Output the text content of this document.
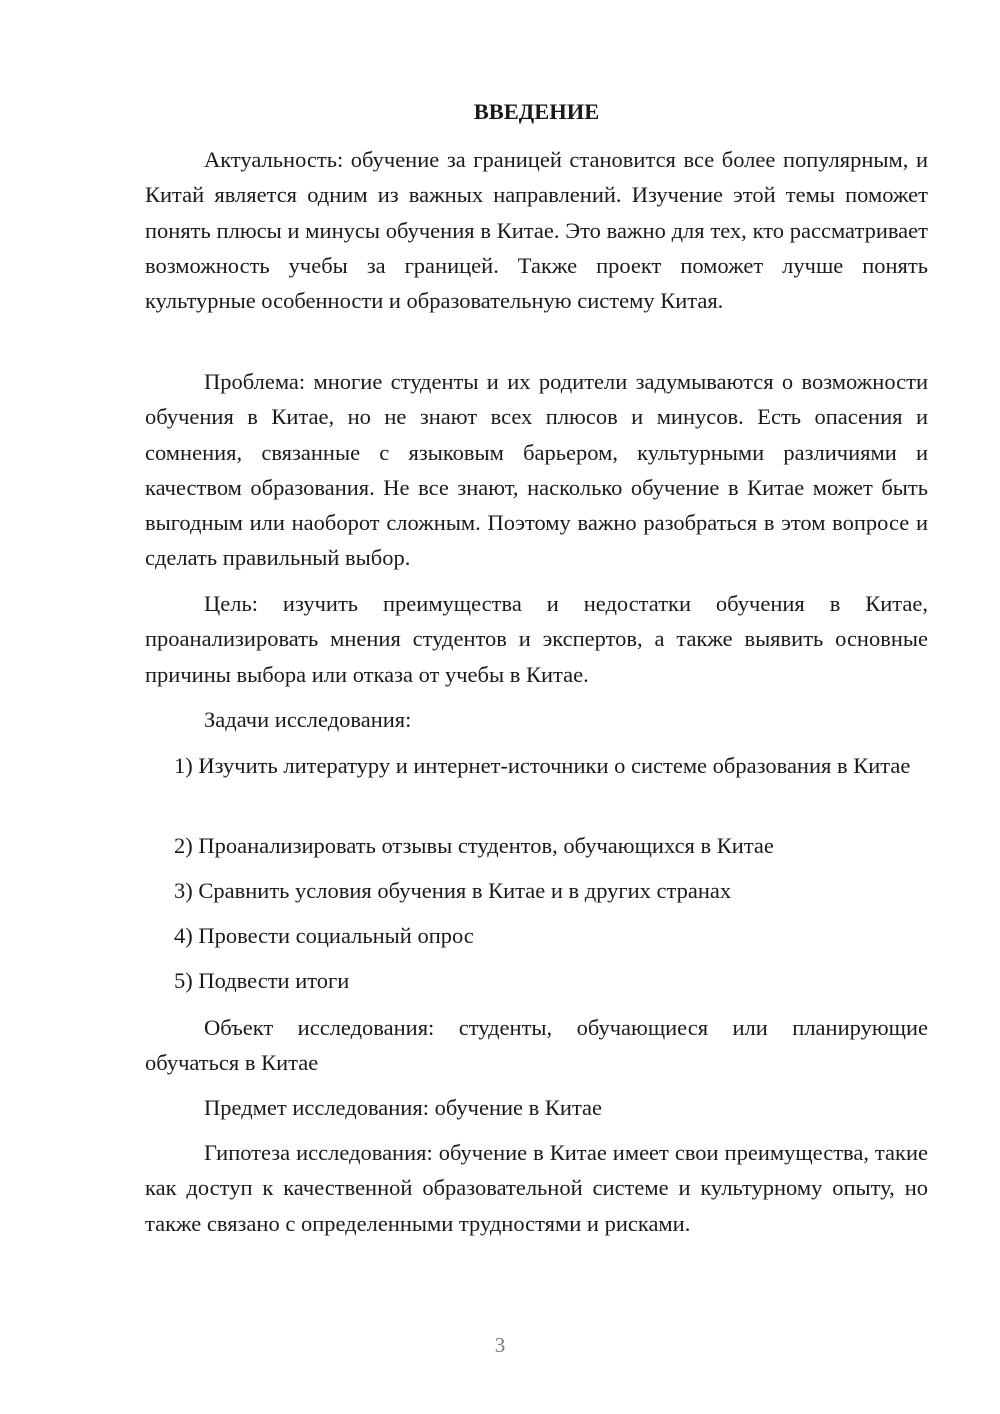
ВВЕДЕНИЕ

Актуальность: обучение за границей становится все более популярным, и Китай является одним из важных направлений. Изучение этой темы поможет понять плюсы и минусы обучения в Китае. Это важно для тех, кто рассматривает возможность учебы за границей. Также проект поможет лучше понять культурные особенности и образовательную систему Китая.

Проблема: многие студенты и их родители задумываются о возможности обучения в Китае, но не знают всех плюсов и минусов. Есть опасения и сомнения, связанные с языковым барьером, культурными различиями и качеством образования. Не все знают, насколько обучение в Китае может быть выгодным или наоборот сложным. Поэтому важно разобраться в этом вопросе и сделать правильный выбор.

Цель: изучить преимущества и недостатки обучения в Китае, проанализировать мнения студентов и экспертов, а также выявить основные причины выбора или отказа от учебы в Китае.

Задачи исследования:

1) Изучить литературу и интернет-источники о системе образования в Китае

2) Проанализировать отзывы студентов, обучающихся в Китае

3) Сравнить условия обучения в Китае и в других странах

4) Провести социальный опрос

5) Подвести итоги

Объект исследования: студенты, обучающиеся или планирующие обучаться в Китае

Предмет исследования: обучение в Китае

Гипотеза исследования: обучение в Китае имеет свои преимущества, такие как доступ к качественной образовательной системе и культурному опыту, но также связано с определенными трудностями и рисками.

3
